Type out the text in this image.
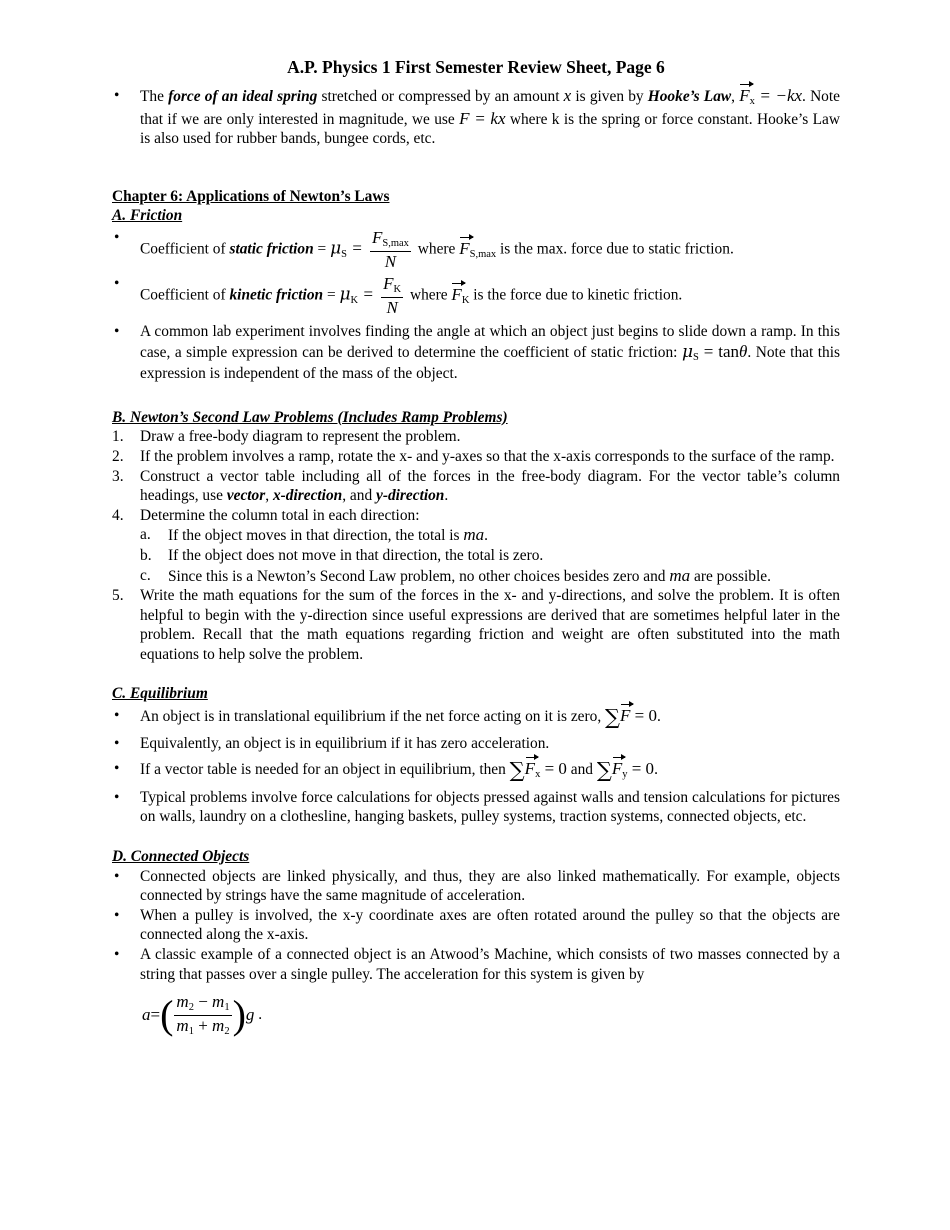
A.P. Physics 1 First Semester Review Sheet, Page 6
• The force of an ideal spring stretched or compressed by an amount x is given by Hooke’s Law, Fx = −kx. Note that if we are only interested in magnitude, we use F = kx where k is the spring or force constant. Hooke’s Law is also used for rubber bands, bungee cords, etc.
Chapter 6: Applications of Newton’s Laws
A. Friction
• Coefficient of static friction = $\mu S = \frac{FS,\max}{N}$ where FS,max is the max. force due to static friction.
• Coefficient of kinetic friction = $\mu K = \frac{FK}{N}$ where FK is the force due to kinetic friction.
• A common lab experiment involves finding the angle at which an object just begins to slide down a ramp. In this case, a simple expression can be derived to determine the coefficient of static friction: μS = tanθ. Note that this expression is independent of the mass of the object.
B. Newton’s Second Law Problems (Includes Ramp Problems)
1. Draw a free-body diagram to represent the problem.
2. If the problem involves a ramp, rotate the x- and y-axes so that the x-axis corresponds to the surface of the ramp.
3. Construct a vector table including all of the forces in the free-body diagram. For the vector table’s column headings, use vector, x-direction, and y-direction.
4. Determine the column total in each direction:
a. If the object moves in that direction, the total is ma.
b. If the object does not move in that direction, the total is zero.
c. Since this is a Newton’s Second Law problem, no other choices besides zero and ma are possible.
5. Write the math equations for the sum of the forces in the x- and y-directions, and solve the problem. It is often helpful to begin with the y-direction since useful expressions are derived that are sometimes helpful later in the problem. Recall that the math equations regarding friction and weight are often substituted into the math equations to help solve the problem.
C. Equilibrium
• An object is in translational equilibrium if the net force acting on it is zero, ∑F = 0.
• Equivalently, an object is in equilibrium if it has zero acceleration.
• If a vector table is needed for an object in equilibrium, then ∑Fx = 0 and ∑Fy = 0.
• Typical problems involve force calculations for objects pressed against walls and tension calculations for pictures on walls, laundry on a clothesline, hanging baskets, pulley systems, traction systems, connected objects, etc.
D. Connected Objects
• Connected objects are linked physically, and thus, they are also linked mathematically. For example, objects connected by strings have the same magnitude of acceleration.
• When a pulley is involved, the x-y coordinate axes are often rotated around the pulley so that the objects are connected along the x-axis.
• A classic example of a connected object is an Atwood’s Machine, which consists of two masses connected by a string that passes over a single pulley. The acceleration for this system is given by
a = ( $\frac{m2 - m1}{m1 + m2}$ ) g
.
